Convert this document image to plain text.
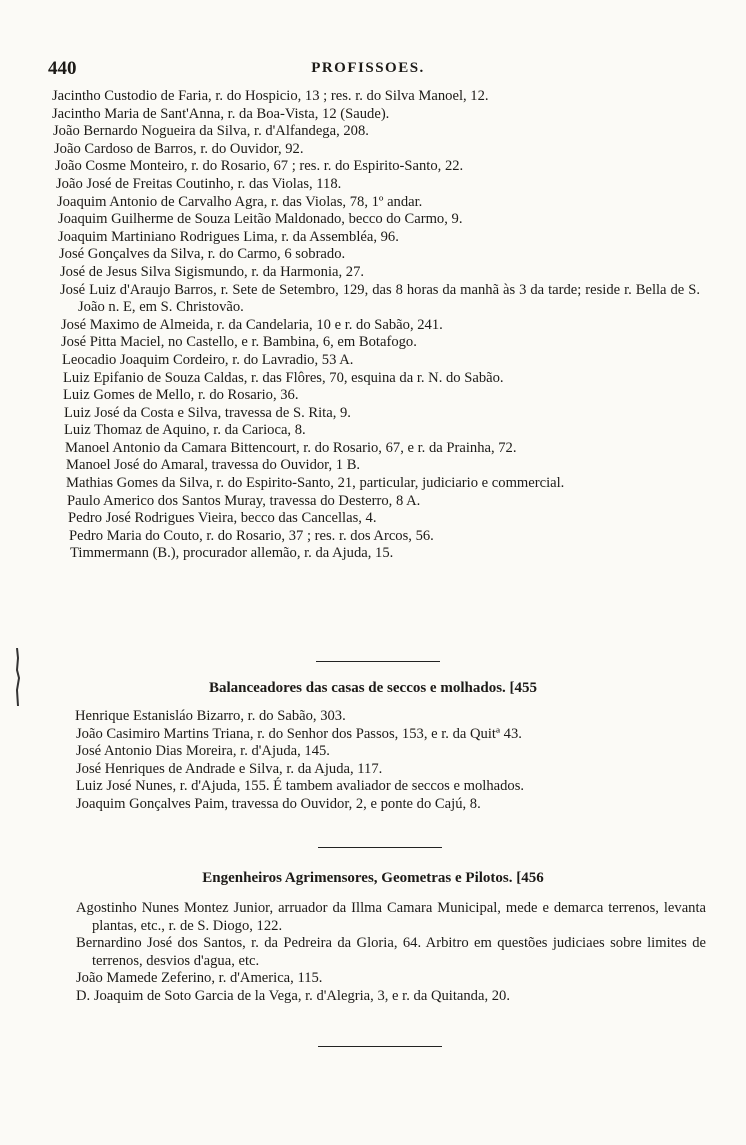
440	PROFISSOES.
Jacintho Custodio de Faria, r. do Hospicio, 13 ; res. r. do Silva Manoel, 12.
Jacintho Maria de Sant'Anna, r. da Boa-Vista, 12 (Saude).
João Bernardo Nogueira da Silva, r. d'Alfandega, 208.
João Cardoso de Barros, r. do Ouvidor, 92.
João Cosme Monteiro, r. do Rosario, 67 ; res. r. do Espirito-Santo, 22.
João José de Freitas Coutinho, r. das Violas, 118.
Joaquim Antonio de Carvalho Agra, r. das Violas, 78, 1º andar.
Joaquim Guilherme de Souza Leitão Maldonado, becco do Carmo, 9.
Joaquim Martiniano Rodrigues Lima, r. da Assembléa, 96.
José Gonçalves da Silva, r. do Carmo, 6 sobrado.
José de Jesus Silva Sigismundo, r. da Harmonia, 27.
José Luiz d'Araujo Barros, r. Sete de Setembro, 129, das 8 horas da manhã às 3 da tarde; reside r. Bella de S. João n. E, em S. Christovão.
José Maximo de Almeida, r. da Candelaria, 10 e r. do Sabão, 241.
José Pitta Maciel, no Castello, e r. Bambina, 6, em Botafogo.
Leocadio Joaquim Cordeiro, r. do Lavradio, 53 A.
Luiz Epifanio de Souza Caldas, r. das Flôres, 70, esquina da r. N. do Sabão.
Luiz Gomes de Mello, r. do Rosario, 36.
Luiz José da Costa e Silva, travessa de S. Rita, 9.
Luiz Thomaz de Aquino, r. da Carioca, 8.
Manoel Antonio da Camara Bittencourt, r. do Rosario, 67, e r. da Prainha, 72.
Manoel José do Amaral, travessa do Ouvidor, 1 B.
Mathias Gomes da Silva, r. do Espirito-Santo, 21, particular, judiciario e commercial.
Paulo Americo dos Santos Muray, travessa do Desterro, 8 A.
Pedro José Rodrigues Vieira, becco das Cancellas, 4.
Pedro Maria do Couto, r. do Rosario, 37 ; res. r. dos Arcos, 56.
Timmermann (B.), procurador allemão, r. da Ajuda, 15.
Balanceadores das casas de seccos e molhados. [455
Henrique Estanisláo Bizarro, r. do Sabão, 303.
João Casimiro Martins Triana, r. do Senhor dos Passos, 153, e r. da Quitª 43.
José Antonio Dias Moreira, r. d'Ajuda, 145.
José Henriques de Andrade e Silva, r. da Ajuda, 117.
Luiz José Nunes, r. d'Ajuda, 155. É tambem avaliador de seccos e molhados.
Joaquim Gonçalves Paim, travessa do Ouvidor, 2, e ponte do Cajú, 8.
Engenheiros Agrimensores, Geometras e Pilotos. [456
Agostinho Nunes Montez Junior, arruador da Illma Camara Municipal, mede e demarca terrenos, levanta plantas, etc., r. de S. Diogo, 122.
Bernardino José dos Santos, r. da Pedreira da Gloria, 64. Arbitro em questões judiciaes sobre limites de terrenos, desvios d'agua, etc.
João Mamede Zeferino, r. d'America, 115.
D. Joaquim de Soto Garcia de la Vega, r. d'Alegria, 3, e r. da Quitanda, 20.
